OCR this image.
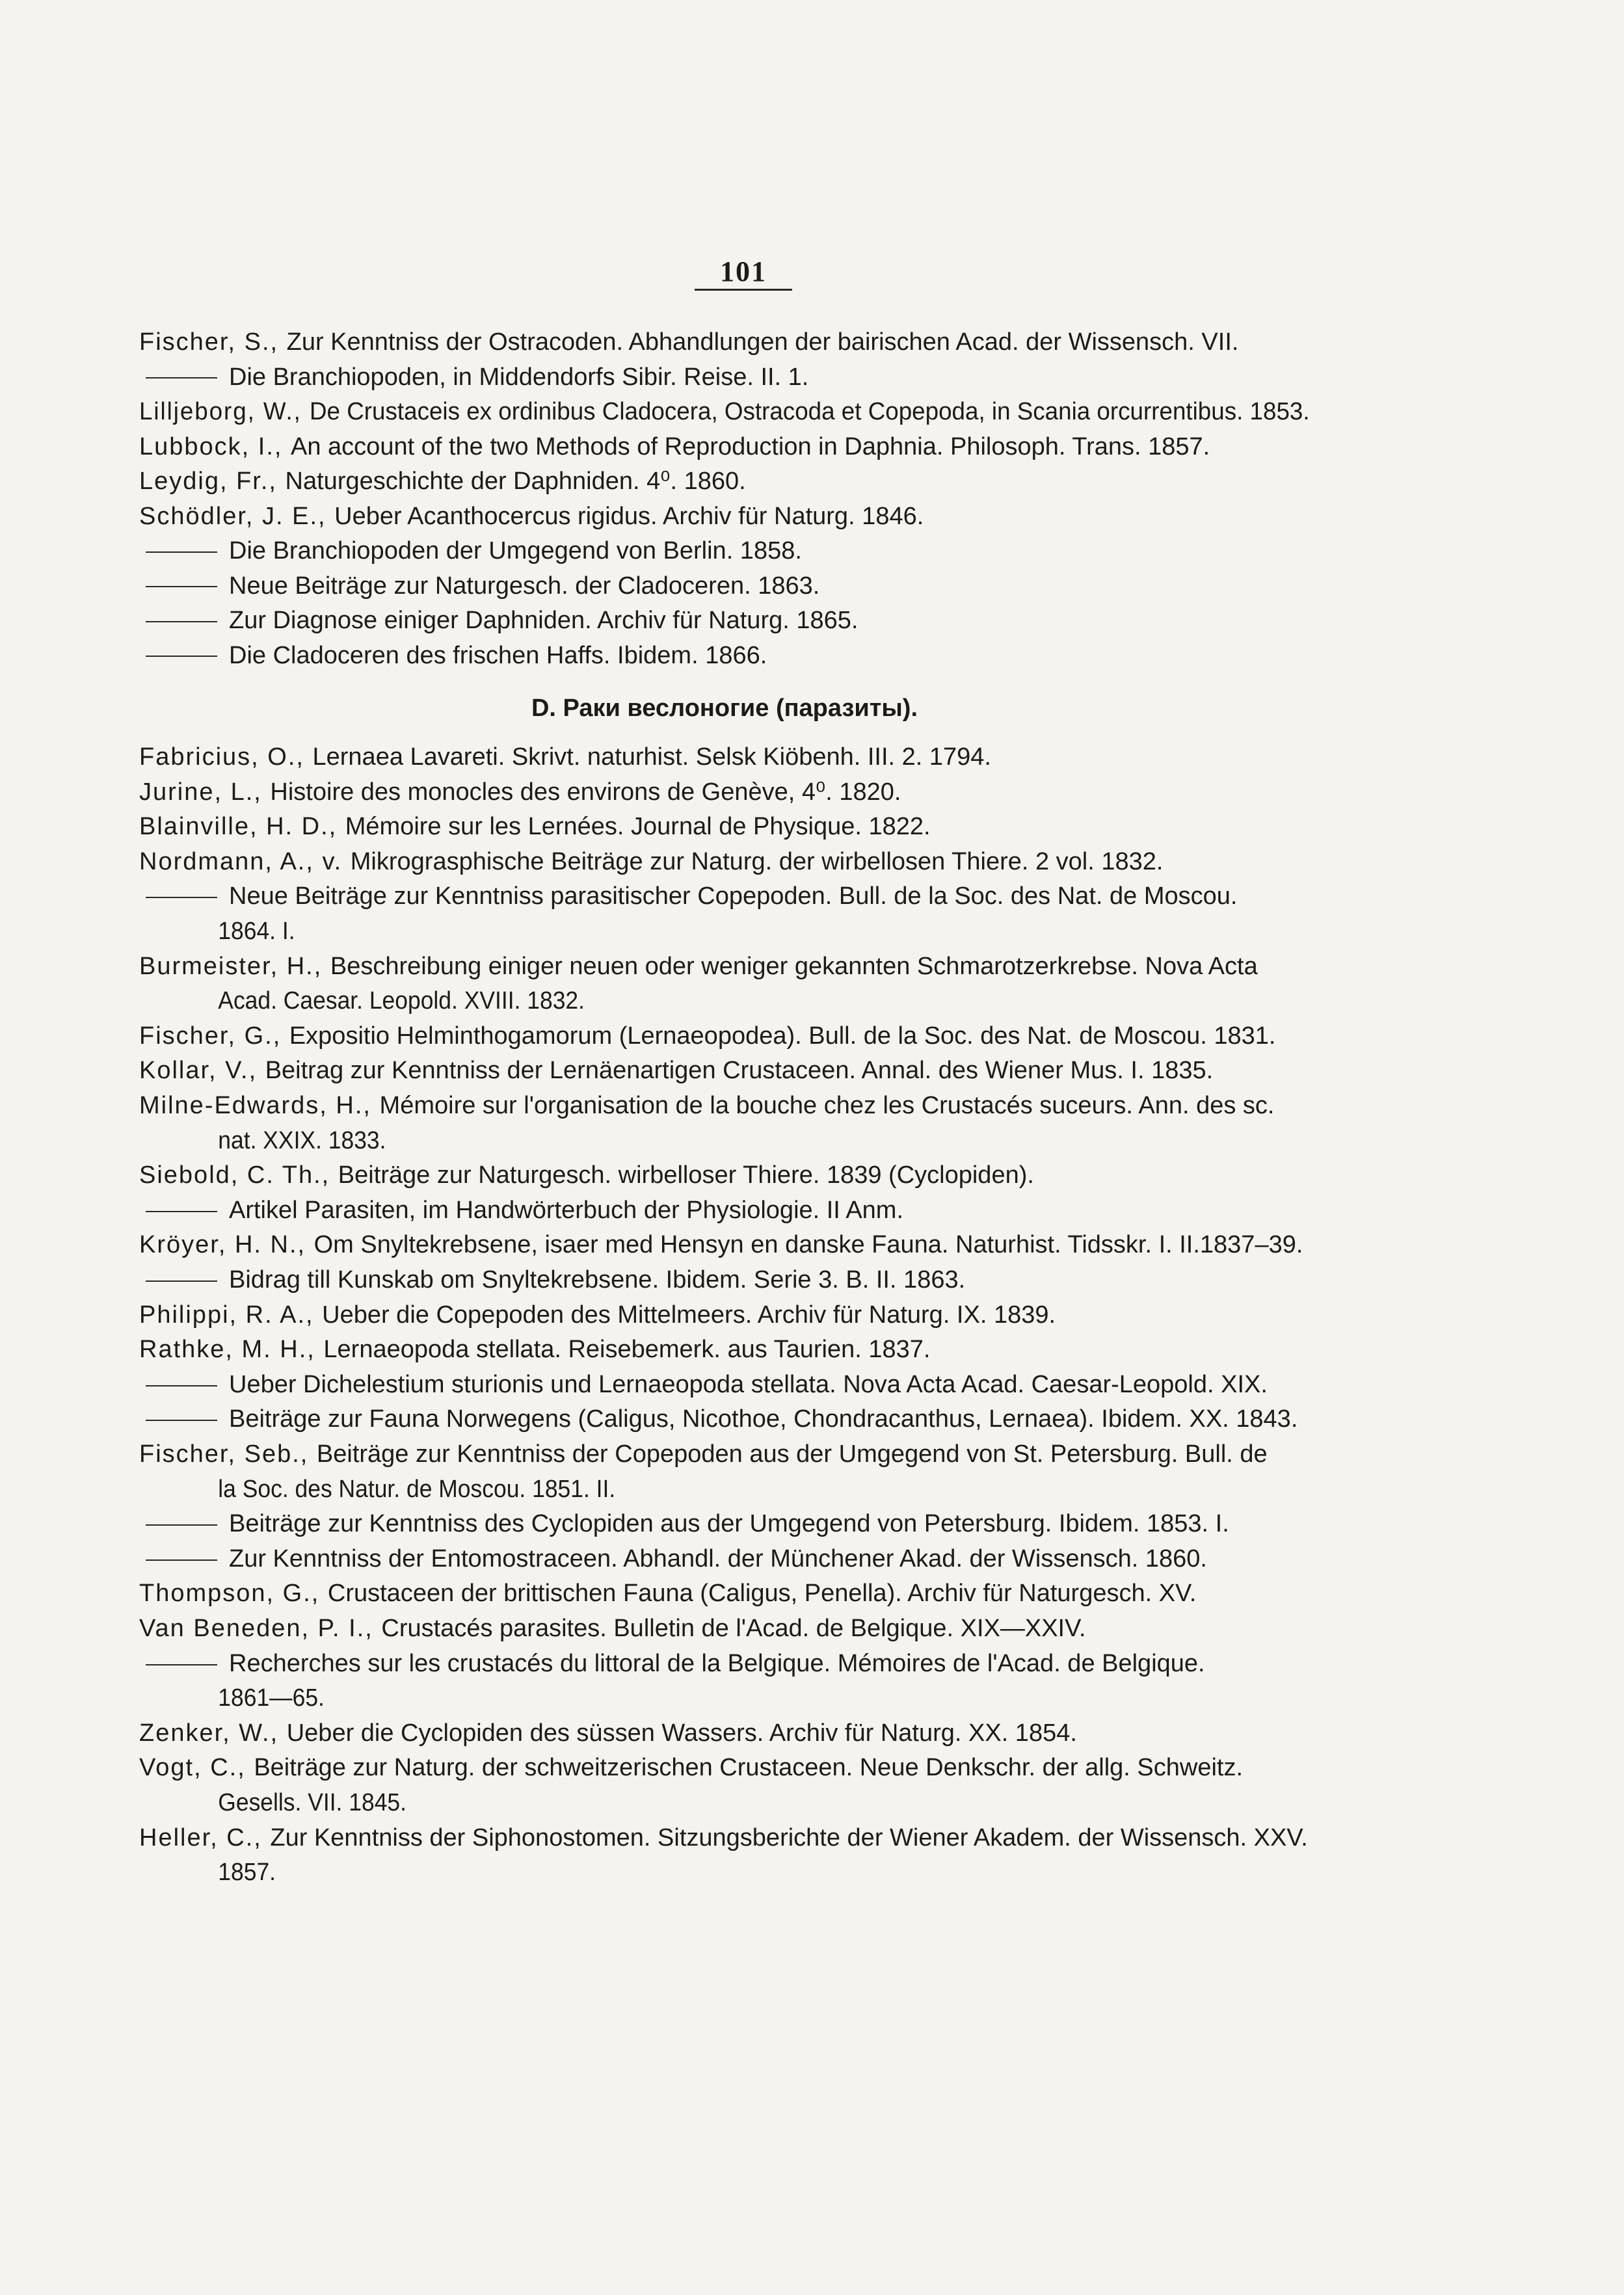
101
Fischer, S., Zur Kenntniss der Ostracoden. Abhandlungen der bairischen Acad. der Wissensch. VII.
Die Branchiopoden, in Middendorfs Sibir. Reise. II. 1.
Lilljeborg, W., De Crustaceis ex ordinibus Cladocera, Ostracoda et Copepoda, in Scania orcurrentibus. 1853.
Lubbock, I., An account of the two Methods of Reproduction in Daphnia. Philosoph. Trans. 1857.
Leydig, Fr., Naturgeschichte der Daphniden. 4⁰. 1860.
Schödler, J. E., Ueber Acanthocercus rigidus. Archiv für Naturg. 1846.
Die Branchiopoden der Umgegend von Berlin. 1858.
Neue Beiträge zur Naturgesch. der Cladoceren. 1863.
Zur Diagnose einiger Daphniden. Archiv für Naturg. 1865.
Die Cladoceren des frischen Haffs. Ibidem. 1866.
D. Раки веслоногие (паразиты).
Fabricius, O., Lernaea Lavareti. Skrivt. naturhist. Selsk Kiöbenh. III. 2. 1794.
Jurine, L., Histoire des monocles des environs de Genève, 4⁰. 1820.
Blainville, H. D., Mémoire sur les Lernées. Journal de Physique. 1822.
Nordmann, A., v. Mikrograsphische Beiträge zur Naturg. der wirbellosen Thiere. 2 vol. 1832.
Neue Beiträge zur Kenntniss parasitischer Copepoden. Bull. de la Soc. des Nat. de Moscou.
1864. I.
Burmeister, H., Beschreibung einiger neuen oder weniger gekannten Schmarotzerkrebse. Nova Acta
Acad. Caesar. Leopold. XVIII. 1832.
Fischer, G., Expositio Helminthogamorum (Lernaeopodea). Bull. de la Soc. des Nat. de Moscou. 1831.
Kollar, V., Beitrag zur Kenntniss der Lernäenartigen Crustaceen. Annal. des Wiener Mus. I. 1835.
Milne-Edwards, H., Mémoire sur l'organisation de la bouche chez les Crustacés suceurs. Ann. des sc.
nat. XXIX. 1833.
Siebold, C. Th., Beiträge zur Naturgesch. wirbelloser Thiere. 1839 (Cyclopiden).
Artikel Parasiten, im Handwörterbuch der Physiologie. II Anm.
Kröyer, H. N., Om Snyltekrebsene, isaer med Hensyn en danske Fauna. Naturhist. Tidsskr. I. II.1837–39.
Bidrag till Kunskab om Snyltekrebsene. Ibidem. Serie 3. B. II. 1863.
Philippi, R. A., Ueber die Copepoden des Mittelmeers. Archiv für Naturg. IX. 1839.
Rathke, M. H., Lernaeopoda stellata. Reisebemerk. aus Taurien. 1837.
Ueber Dichelestium sturionis und Lernaeopoda stellata. Nova Acta Acad. Caesar-Leopold. XIX.
Beiträge zur Fauna Norwegens (Caligus, Nicothoe, Chondracanthus, Lernaea). Ibidem. XX. 1843.
Fischer, Seb., Beiträge zur Kenntniss der Copepoden aus der Umgegend von St. Petersburg. Bull. de
la Soc. des Natur. de Moscou. 1851. II.
Beiträge zur Kenntniss des Cyclopiden aus der Umgegend von Petersburg. Ibidem. 1853. I.
Zur Kenntniss der Entomostraceen. Abhandl. der Münchener Akad. der Wissensch. 1860.
Thompson, G., Crustaceen der brittischen Fauna (Caligus, Penella). Archiv für Naturgesch. XV.
Van Beneden, P. I., Crustacés parasites. Bulletin de l'Acad. de Belgique. XIX—XXIV.
Recherches sur les crustacés du littoral de la Belgique. Mémoires de l'Acad. de Belgique.
1861—65.
Zenker, W., Ueber die Cyclopiden des süssen Wassers. Archiv für Naturg. XX. 1854.
Vogt, C., Beiträge zur Naturg. der schweitzerischen Crustaceen. Neue Denkschr. der allg. Schweitz.
Gesells. VII. 1845.
Heller, C., Zur Kenntniss der Siphonostomen. Sitzungsberichte der Wiener Akadem. der Wissensch. XXV.
1857.
